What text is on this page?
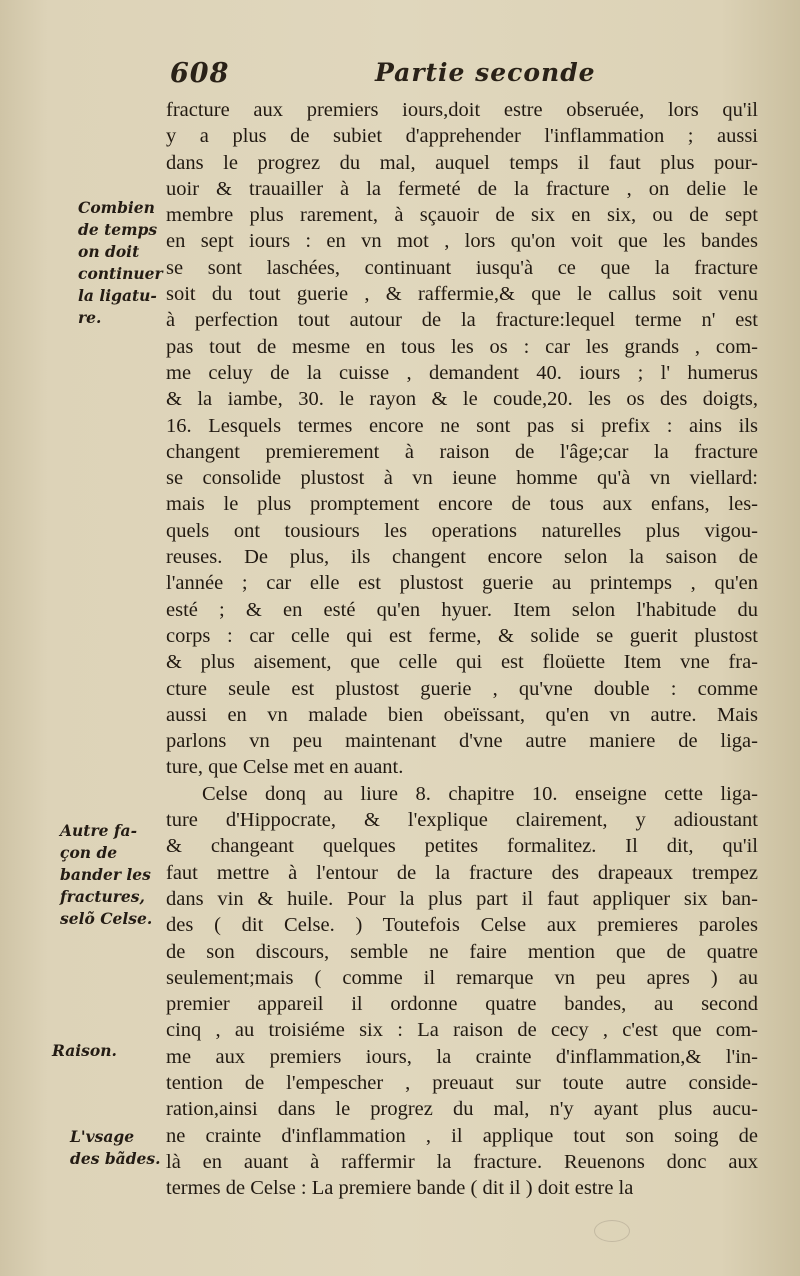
608	Partie seconde
Combien
de temps
on doit
continuer
la ligatu-
re.
Autre fa-
çon de
bander les
fractures,
selõ Celse.
Raison.
L'vsage
des bãdes.
fracture aux premiers iours,doit estre obseruée, lors qu'il
y a plus de subiet d'apprehender l'inflammation ; aussi
dans le progrez du mal, auquel temps il faut plus pour-
uoir & trauailler à la fermeté de la fracture , on delie le
membre plus rarement, à sçauoir de six en six, ou de sept
en sept iours : en vn mot , lors qu'on voit que les bandes
se sont laschées, continuant iusqu'à ce que la fracture
soit du tout guerie , & raffermie,& que le callus soit venu
à perfection tout autour de la fracture:lequel terme n' est
pas tout de mesme en tous les os : car les grands , com-
me celuy de la cuisse , demandent 40. iours ; l' humerus
& la iambe, 30. le rayon & le coude,20. les os des doigts,
16. Lesquels termes encore ne sont pas si prefix : ains ils
changent premierement à raison de l'âge;car la fracture
se consolide plustost à vn ieune homme qu'à vn viellard:
mais le plus promptement encore de tous aux enfans, les-
quels ont tousiours les operations naturelles plus vigou-
reuses. De plus, ils changent encore selon la saison de
l'année ; car elle est plustost guerie au printemps , qu'en
esté ; & en esté qu'en hyuer. Item selon l'habitude du
corps : car celle qui est ferme, & solide se guerit plustost
& plus aisement, que celle qui est floüette Item vne fra-
cture seule est plustost guerie , qu'vne double : comme
aussi en vn malade bien obeïssant, qu'en vn autre. Mais
parlons vn peu maintenant d'vne autre maniere de liga-
ture, que Celse met en auant.
Celse donq au liure 8. chapitre 10. enseigne cette liga-
ture d'Hippocrate, & l'explique clairement, y adioustant
& changeant quelques petites formalitez. Il dit, qu'il
faut mettre à l'entour de la fracture des drapeaux trempez
dans vin & huile. Pour la plus part il faut appliquer six ban-
des ( dit Celse. ) Toutefois Celse aux premieres paroles
de son discours, semble ne faire mention que de quatre
seulement;mais ( comme il remarque vn peu apres ) au
premier appareil il ordonne quatre bandes, au second
cinq , au troisiéme six : La raison de cecy , c'est que com-
me aux premiers iours, la crainte d'inflammation,& l'in-
tention de l'empescher , preuaut sur toute autre conside-
ration,ainsi dans le progrez du mal, n'y ayant plus aucu-
ne crainte d'inflammation , il applique tout son soing de
là en auant à raffermir la fracture. Reuenons donc aux
termes de Celse : La premiere bande ( dit il ) doit estre la
